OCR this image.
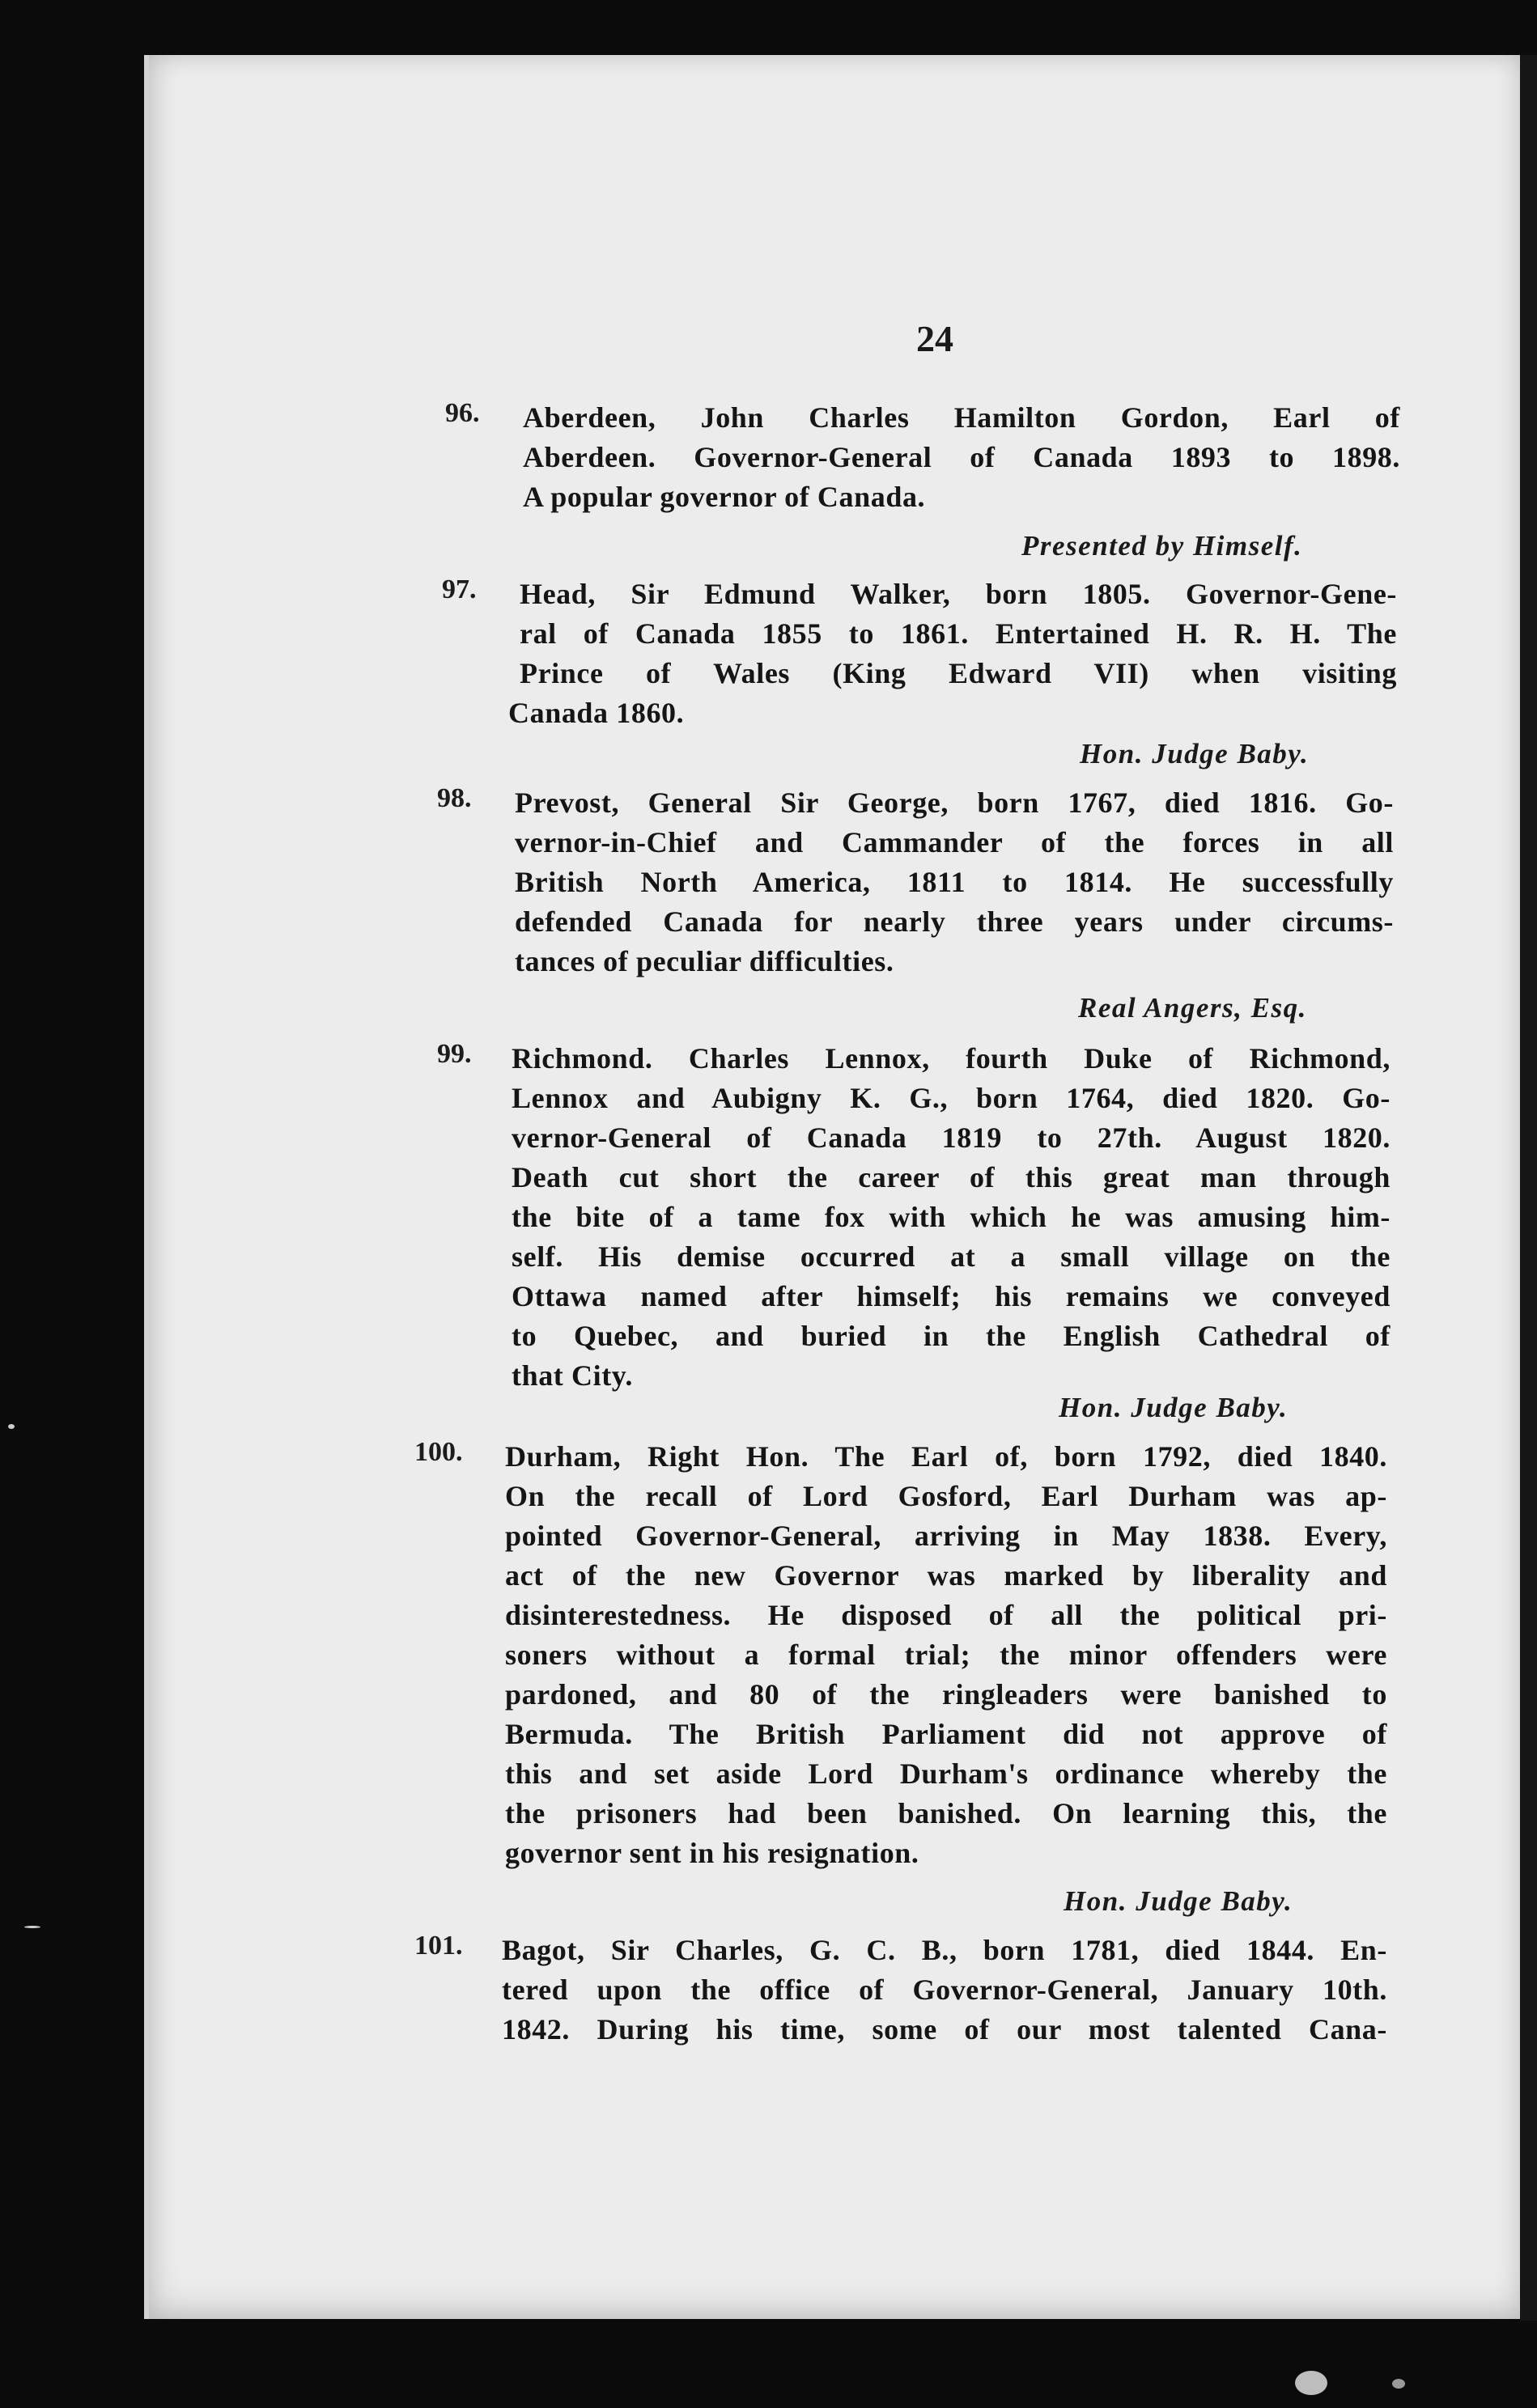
24
96. Aberdeen, John Charles Hamilton Gordon, Earl of
Aberdeen. Governor-General of Canada 1893 to 1898.
A popular governor of Canada.
Presented by Himself.
97. Head, Sir Edmund Walker, born 1805. Governor-Gene-
ral of Canada 1855 to 1861. Entertained H. R. H. The
Prince of Wales (King Edward VII) when visiting
Canada 1860.
Hon. Judge Baby.
98. Prevost, General Sir George, born 1767, died 1816. Go-
vernor-in-Chief and Cammander of the forces in all
British North America, 1811 to 1814. He successfully
defended Canada for nearly three years under circums-
tances of peculiar difficulties.
Real Angers, Esq.
99. Richmond. Charles Lennox, fourth Duke of Richmond,
Lennox and Aubigny K. G., born 1764, died 1820. Go-
vernor-General of Canada 1819 to 27th. August 1820.
Death cut short the career of this great man through
the bite of a tame fox with which he was amusing him-
self. His demise occurred at a small village on the
Ottawa named after himself; his remains we conveyed
to Quebec, and buried in the English Cathedral of
that City.
Hon. Judge Baby.
100. Durham, Right Hon. The Earl of, born 1792, died 1840.
On the recall of Lord Gosford, Earl Durham was ap-
pointed Governor-General, arriving in May 1838. Every,
act of the new Governor was marked by liberality and
disinterestedness. He disposed of all the political pri-
soners without a formal trial; the minor offenders were
pardoned, and 80 of the ringleaders were banished to
Bermuda. The British Parliament did not approve of
this and set aside Lord Durham's ordinance whereby the
the prisoners had been banished. On learning this, the
governor sent in his resignation.
Hon. Judge Baby.
101. Bagot, Sir Charles, G. C. B., born 1781, died 1844. En-
tered upon the office of Governor-General, January 10th.
1842. During his time, some of our most talented Cana-
